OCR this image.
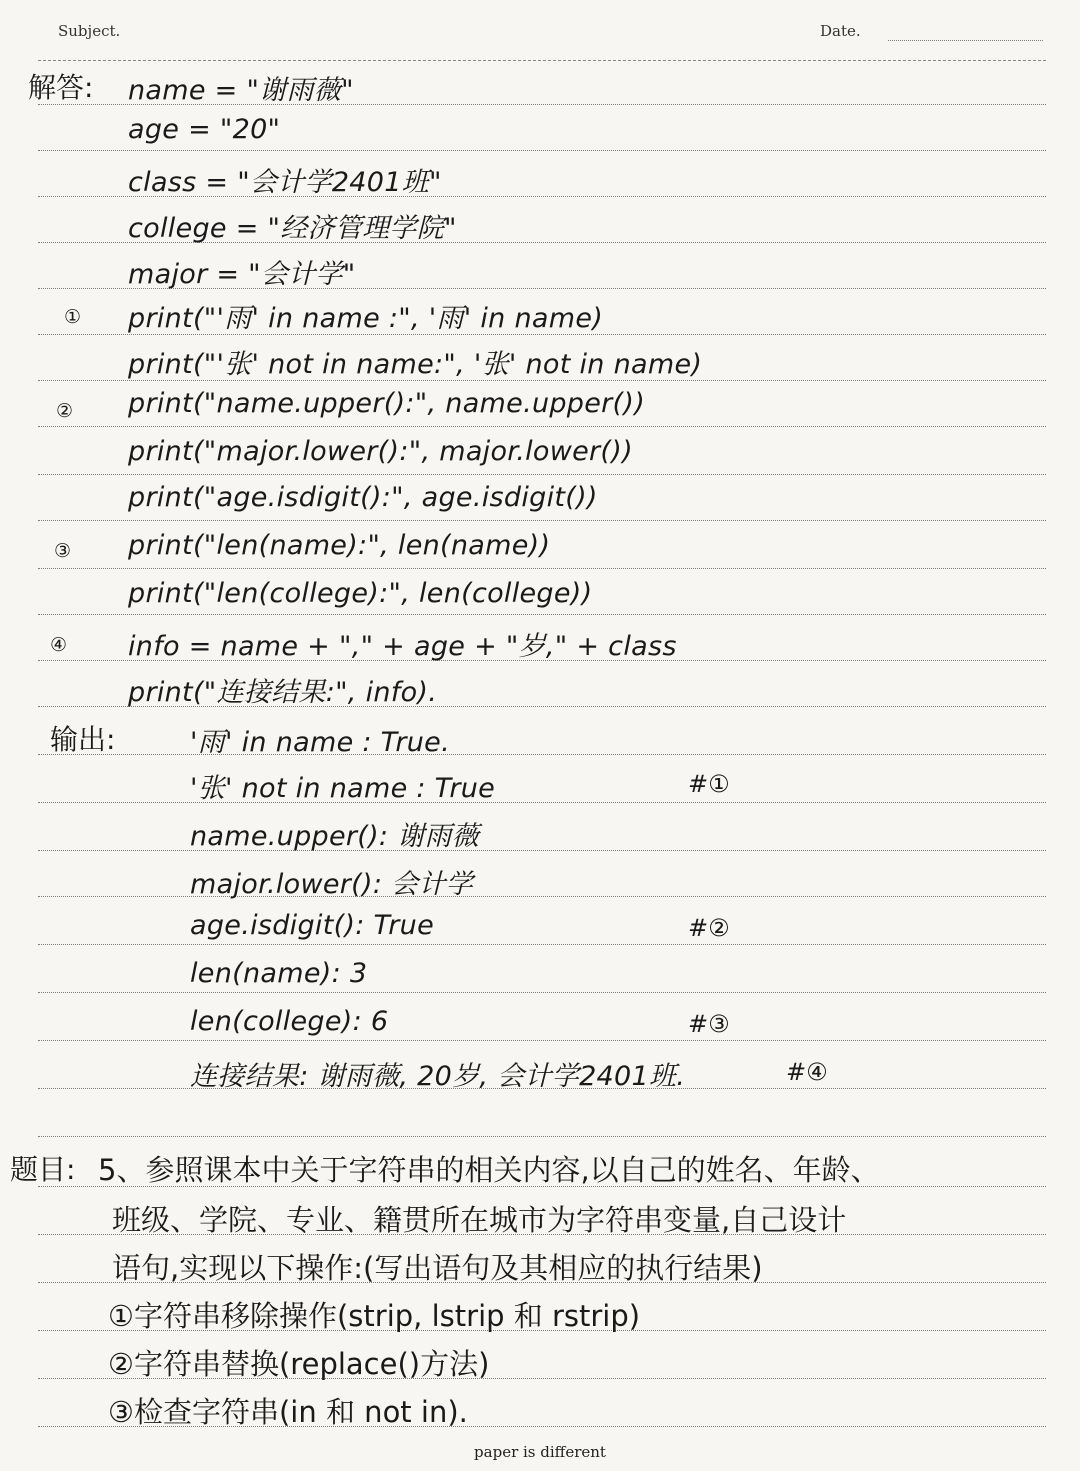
Subject.	Date.
解答: name = "谢雨薇"
age = "20"
class = "会计学2401班"
college = "经济管理学院"
major = "会计学"
① print("'雨' in name :", '雨' in name)
print("'张' not in name:", '张' not in name)
② print("name.upper():", name.upper())
print("major.lower():", major.lower())
print("age.isdigit():", age.isdigit())
③ print("len(name):", len(name))
print("len(college):", len(college))
④ info = name + "," + age + "岁," + class
print("连接结果:", info).
输出:	'雨' in name : True.
'张' not in name : True	#①
name.upper(): 谢雨薇
major.lower(): 会计学
age.isdigit(): True	#②
len(name): 3
len(college): 6	#③
连接结果: 谢雨薇, 20岁, 会计学2401班.	#④
题目: 5、参照课本中关于字符串的相关内容,以自己的姓名、年龄、
班级、学院、专业、籍贯所在城市为字符串变量,自己设计
语句,实现以下操作:(写出语句及其相应的执行结果)
①字符串移除操作(strip, lstrip 和 rstrip)
②字符串替换(replace()方法)
③检查字符串(in 和 not in).
paper is different
